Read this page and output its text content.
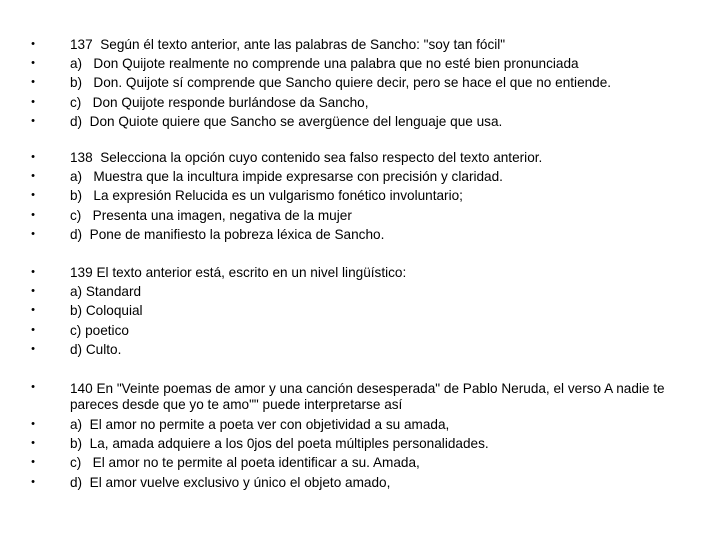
•

	137  Según él texto anterior, ante las palabras de Sancho: "soy tan fócil"

•

	a)   Don Quijote realmente no comprende una palabra que no esté bien pronunciada

•

	b)   Don. Quijote sí comprende que Sancho quiere decir, pero se hace el que no entiende.

•

	c)   Don Quijote responde burlándose da Sancho,

•

	d)  Don Quiote quiere que Sancho se avergüence del lenguaje que usa.

•

	138  Selecciona la opción cuyo contenido sea falso respecto del texto anterior.

•

	a)   Muestra que la incultura impide expresarse con precisión y claridad.

•

	b)   La expresión Relucida es un vulgarismo fonético involuntario;

•

	c)   Presenta una imagen, negativa de la mujer

•

	d)  Pone de manifiesto la pobreza léxica de Sancho.

•

	139 El texto anterior está, escrito en un nivel lingüístico:

•

	a) Standard

•

	b) Coloquial

•

	c) poetico

•

	d) Culto.

•	140 En "Veinte poemas de amor y una canción desesperada" de Pablo Neruda, el verso A nadie te pareces desde que yo te amo"" puede interpretarse así

•

	a)  El amor no permite a poeta ver con objetividad a su amada,

•

	b)  La, amada adquiere a los 0jos del poeta múltiples personalidades.

•

	c)   El amor no te permite al poeta identificar a su. Amada,

•

	d)  El amor vuelve exclusivo y único el objeto amado,
